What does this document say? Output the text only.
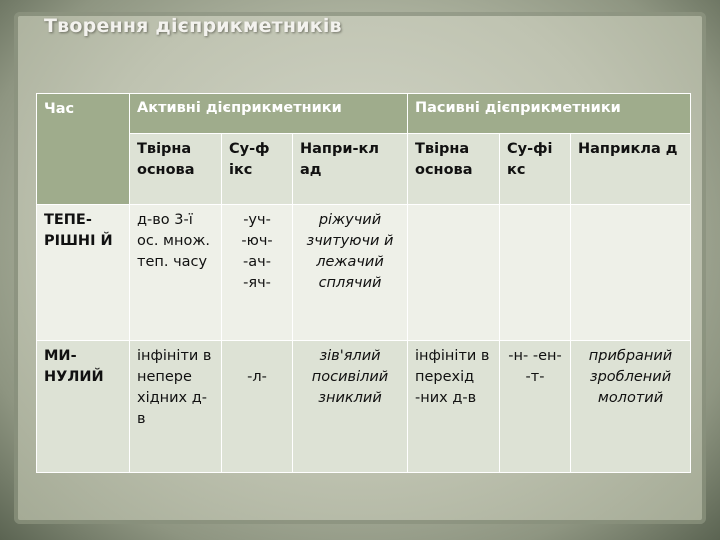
Творення дієприкметників
Час	Активні дієприкметники			Пасивні дієприкметники		
	Твірна основа	Су-ф ікс	Напри-кл ад	Твірна основа	Су-фі кс	Наприкла д
ТЕПЕ-РІШНІ Й	д-во 3-ї ос. множ. теп. часу	-уч- -юч- -ач- -яч-	ріжучий зчитуючи й лежачий сплячий			
МИ-НУЛИЙ	інфініти в непере хідних д-в	-л-	зів'ялий посивілий зниклий	інфініти в перехід -них д-в	-н- -ен- -т-	прибраний зроблений молотий
